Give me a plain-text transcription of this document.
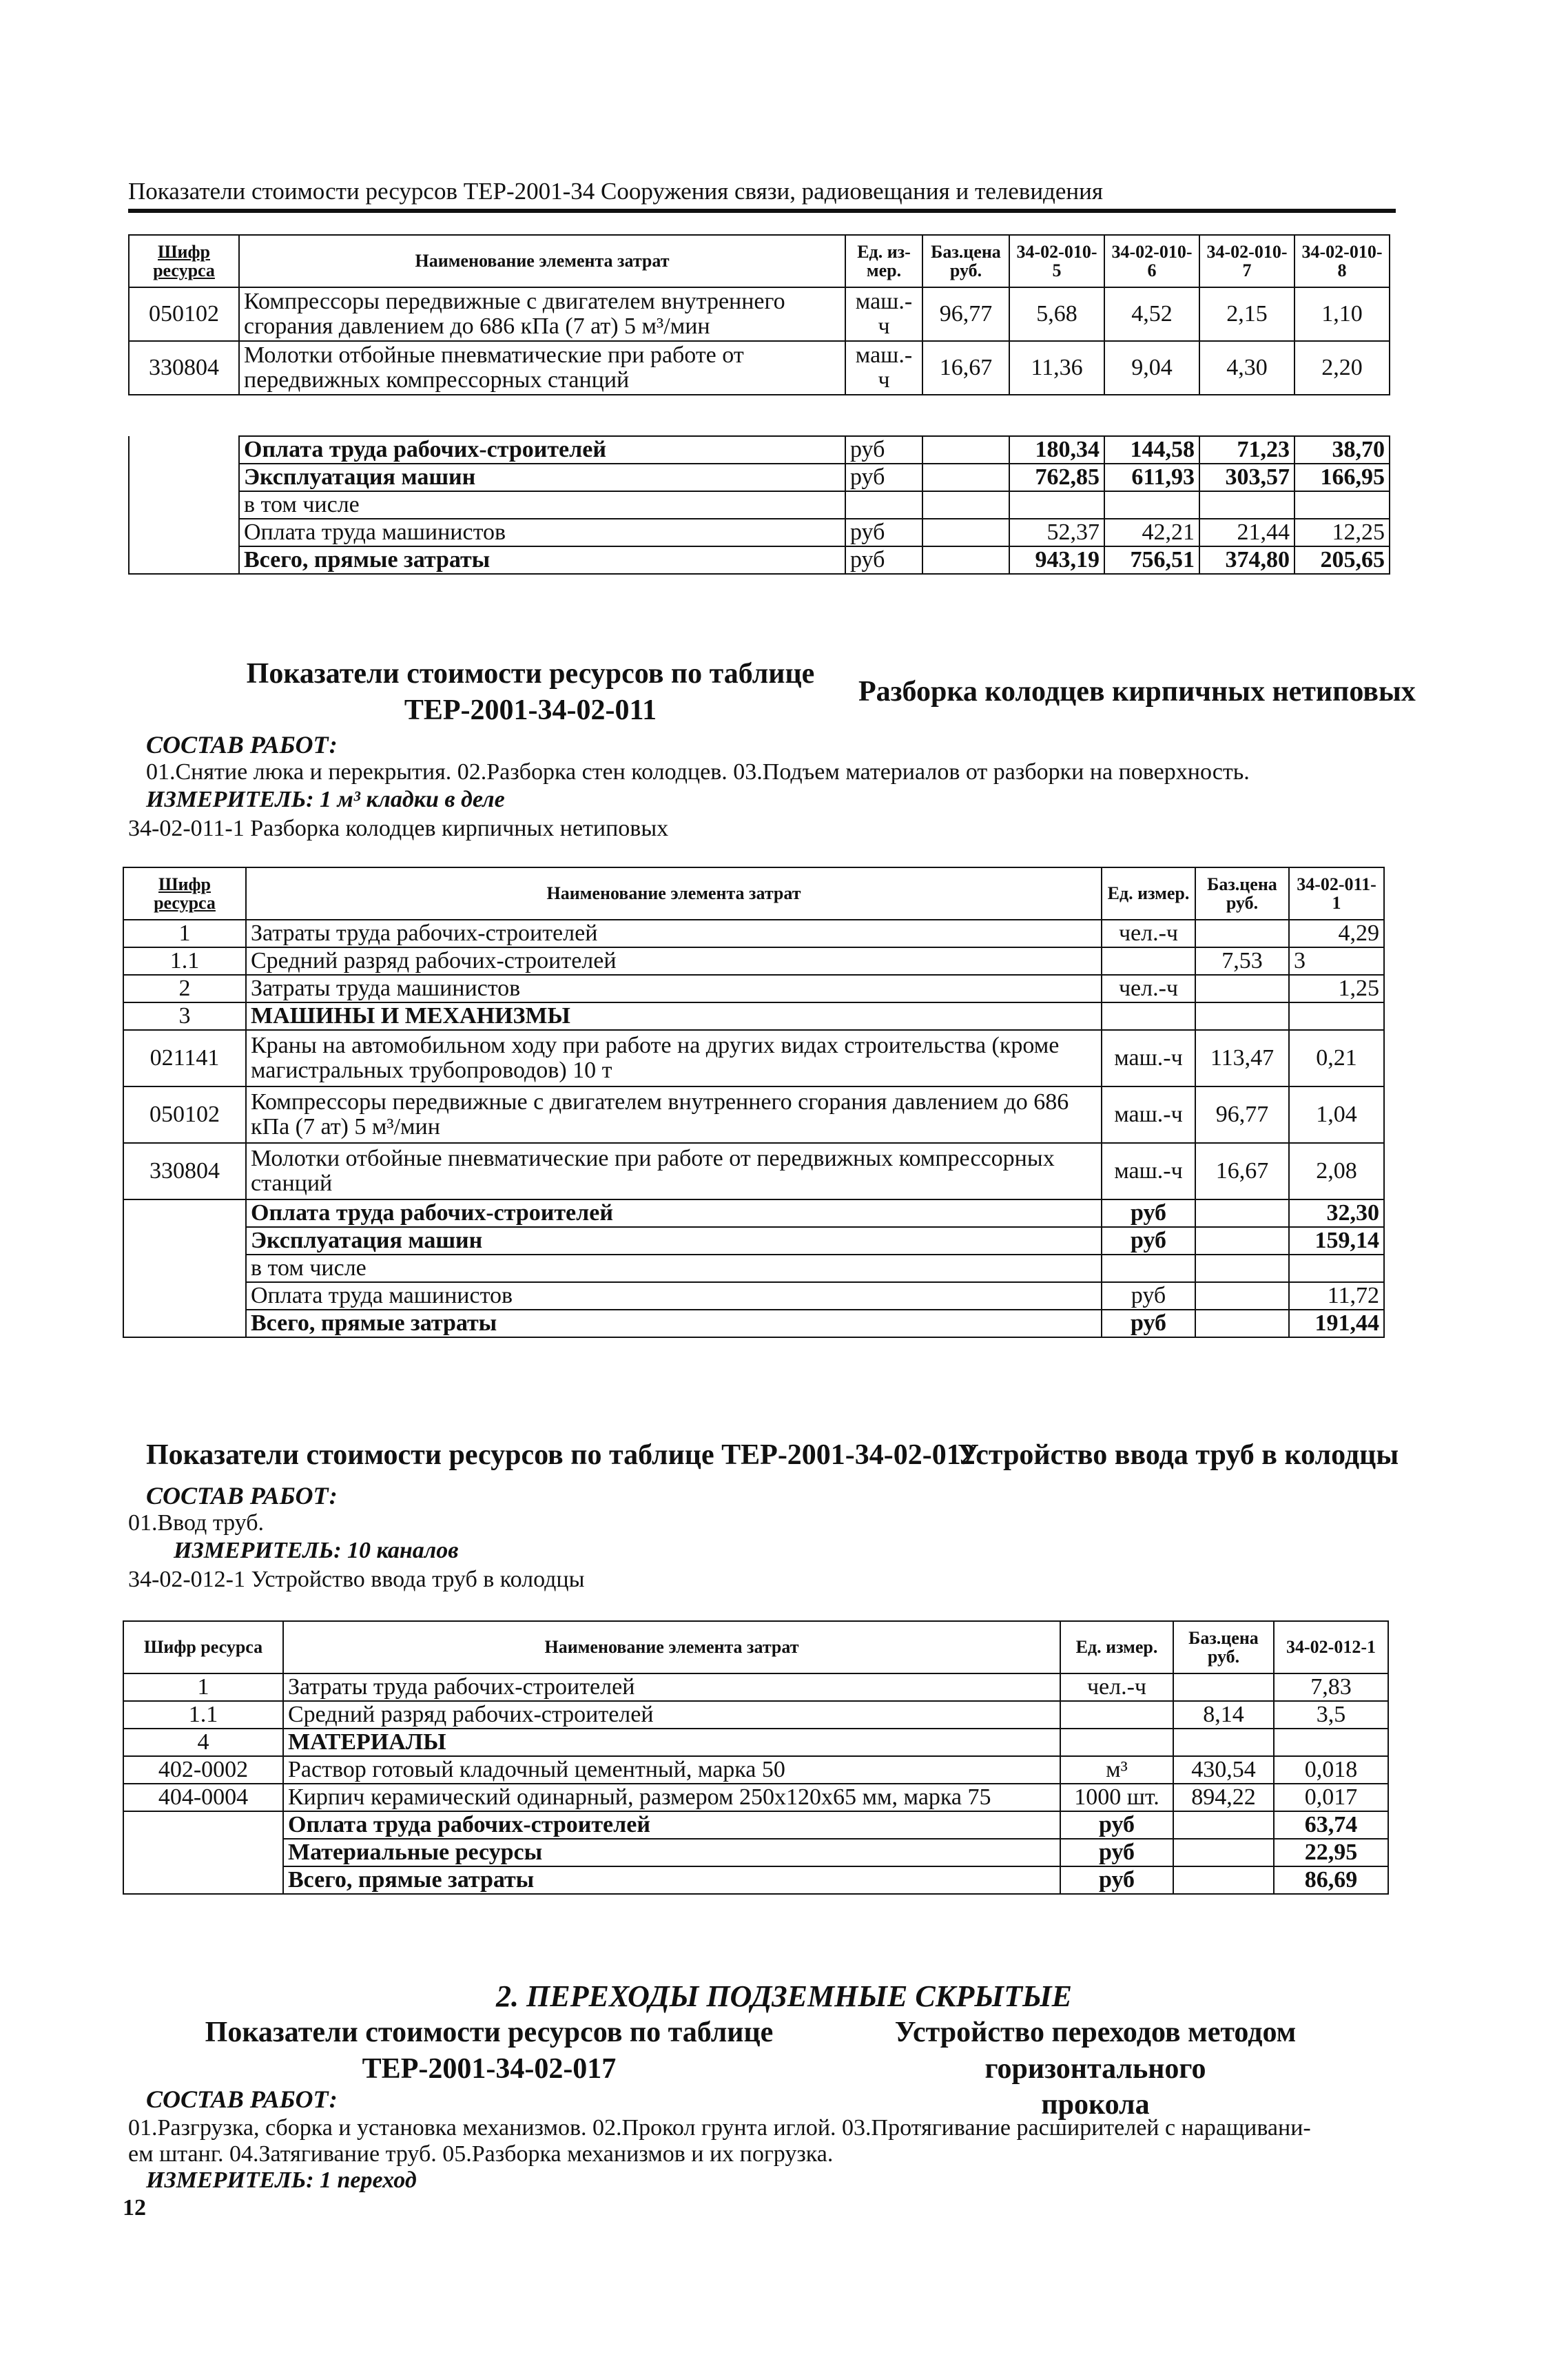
Показатели стоимости ресурсов ТЕР-2001-34 Сооружения связи, радиовещания и телевидения
Шифр ресурса	Наименование элемента затрат	Ед. из-мер.	Баз.цена руб.	34-02-010-5	34-02-010-6	34-02-010-7	34-02-010-8
050102	Компрессоры передвижные с двигателем внутреннего сгорания давлением до 686 кПа (7 ат) 5 м³/мин	маш.-ч	96,77	5,68	4,52	2,15	1,10
330804	Молотки отбойные пневматические при работе от передвижных компрессорных станций	маш.-ч	16,67	11,36	9,04	4,30	2,20
	Оплата труда рабочих-строителей	руб		180,34	144,58	71,23	38,70
	Эксплуатация машин	руб		762,85	611,93	303,57	166,95
	в том числе						
	Оплата труда машинистов	руб		52,37	42,21	21,44	12,25
	Всего, прямые затраты	руб		943,19	756,51	374,80	205,65
Показатели стоимости ресурсов по таблице
ТЕР-2001-34-02-011
Разборка колодцев кирпичных нетиповых
СОСТАВ РАБОТ:
01.Снятие люка и перекрытия. 02.Разборка стен колодцев. 03.Подъем материалов от разборки на поверхность.
ИЗМЕРИТЕЛЬ: 1 м³ кладки в деле
34-02-011-1 Разборка колодцев кирпичных нетиповых
Шифр ресурса	Наименование элемента затрат	Ед. измер.	Баз.цена руб.	34-02-011-1
1	Затраты труда рабочих-строителей	чел.-ч		4,29
1.1	Средний разряд рабочих-строителей		7,53	3
2	Затраты труда машинистов	чел.-ч		1,25
3	МАШИНЫ И МЕХАНИЗМЫ			
021141	Краны на автомобильном ходу при работе на других видах строительства (кроме магистральных трубопроводов) 10 т	маш.-ч	113,47	0,21
050102	Компрессоры передвижные с двигателем внутреннего сгорания давлением до 686 кПа (7 ат) 5 м³/мин	маш.-ч	96,77	1,04
330804	Молотки отбойные пневматические при работе от передвижных компрессорных станций	маш.-ч	16,67	2,08
	Оплата труда рабочих-строителей	руб		32,30
	Эксплуатация машин	руб		159,14
	в том числе			
	Оплата труда машинистов	руб		11,72
	Всего, прямые затраты	руб		191,44
Показатели стоимости ресурсов по таблице ТЕР-2001-34-02-012
Устройство ввода труб в колодцы
СОСТАВ РАБОТ:
01.Ввод труб.
ИЗМЕРИТЕЛЬ: 10 каналов
34-02-012-1 Устройство ввода труб в колодцы
Шифр ресурса	Наименование элемента затрат	Ед. измер.	Баз.цена руб.	34-02-012-1
1	Затраты труда рабочих-строителей	чел.-ч		7,83
1.1	Средний разряд рабочих-строителей		8,14	3,5
4	МАТЕРИАЛЫ			
402-0002	Раствор готовый кладочный цементный, марка 50	м³	430,54	0,018
404-0004	Кирпич керамический одинарный, размером 250х120х65 мм, марка 75	1000 шт.	894,22	0,017
	Оплата труда рабочих-строителей	руб		63,74
	Материальные ресурсы	руб		22,95
	Всего, прямые затраты	руб		86,69
2. ПЕРЕХОДЫ ПОДЗЕМНЫЕ СКРЫТЫЕ
Показатели стоимости ресурсов по таблице
ТЕР-2001-34-02-017
Устройство переходов методом горизонтального
прокола
СОСТАВ РАБОТ:
01.Разгрузка, сборка и установка механизмов. 02.Прокол грунта иглой. 03.Протягивание расширителей с наращивани-
ем штанг. 04.Затягивание труб. 05.Разборка механизмов и их погрузка.
ИЗМЕРИТЕЛЬ: 1 переход
12
